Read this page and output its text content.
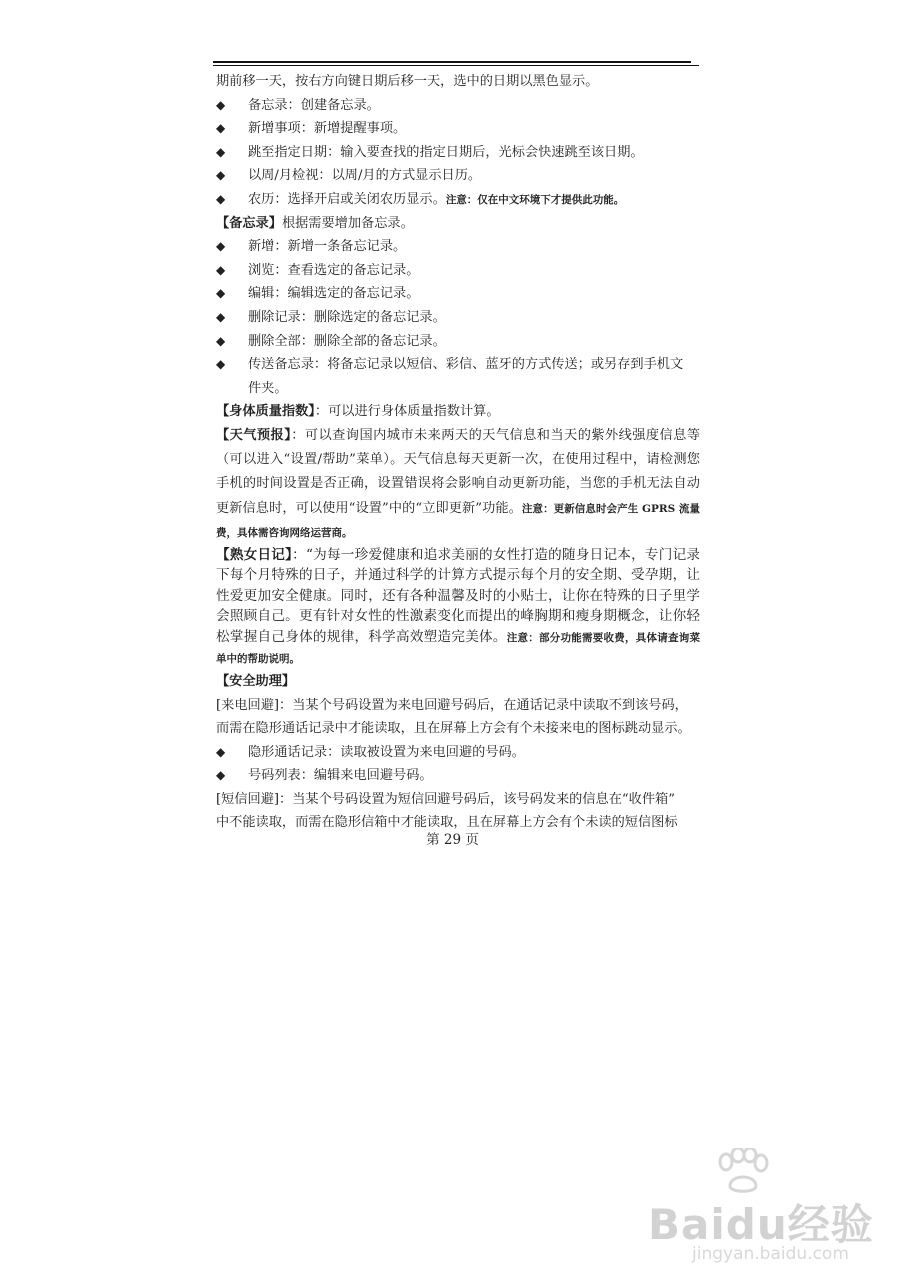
期前移一天，按右方向键日期后移一天，选中的日期以黑色显示。
◆ 备忘录：创建备忘录。
◆ 新增事项：新增提醒事项。
◆ 跳至指定日期：输入要查找的指定日期后，光标会快速跳至该日期。
◆ 以周/月检视：以周/月的方式显示日历。
◆ 农历：选择开启或关闭农历显示。注意：仅在中文环境下才提供此功能。
【备忘录】根据需要增加备忘录。
◆ 新增：新增一条备忘记录。
◆ 浏览：查看选定的备忘记录。
◆ 编辑：编辑选定的备忘记录。
◆ 删除记录：删除选定的备忘记录。
◆ 删除全部：删除全部的备忘记录。
◆ 传送备忘录：将备忘记录以短信、彩信、蓝牙的方式传送；或另存到手机文
件夹。
【身体质量指数】：可以进行身体质量指数计算。
【天气预报】：可以查询国内城市未来两天的天气信息和当天的紫外线强度信息等（可以进入“设置/帮助”菜单）。天气信息每天更新一次，在使用过程中，请检测您手机的时间设置是否正确，设置错误将会影响自动更新功能，当您的手机无法自动更新信息时，可以使用“设置”中的“立即更新”功能。注意：更新信息时会产生 GPRS 流量费，具体需咨询网络运营商。
【熟女日记】：“为每一珍爱健康和追求美丽的女性打造的随身日记本，专门记录下每个月特殊的日子，并通过科学的计算方式提示每个月的安全期、受孕期，让性爱更加安全健康。同时，还有各种温馨及时的小贴士，让你在特殊的日子里学会照顾自己。更有针对女性的性激素变化而提出的峰胸期和瘦身期概念，让你轻松掌握自己身体的规律，科学高效塑造完美体。注意：部分功能需要收费，具体请查询菜单中的帮助说明。
【安全助理】
[来电回避]：当某个号码设置为来电回避号码后，在通话记录中读取不到该号码，
而需在隐形通话记录中才能读取，且在屏幕上方会有个未接来电的图标跳动显示。
◆ 隐形通话记录：读取被设置为来电回避的号码。
◆ 号码列表：编辑来电回避号码。
[短信回避]：当某个号码设置为短信回避号码后，该号码发来的信息在“收件箱”
中不能读取，而需在隐形信箱中才能读取，且在屏幕上方会有个未读的短信图标
第 29 页
Baidu经验
jingyan.baidu.com
